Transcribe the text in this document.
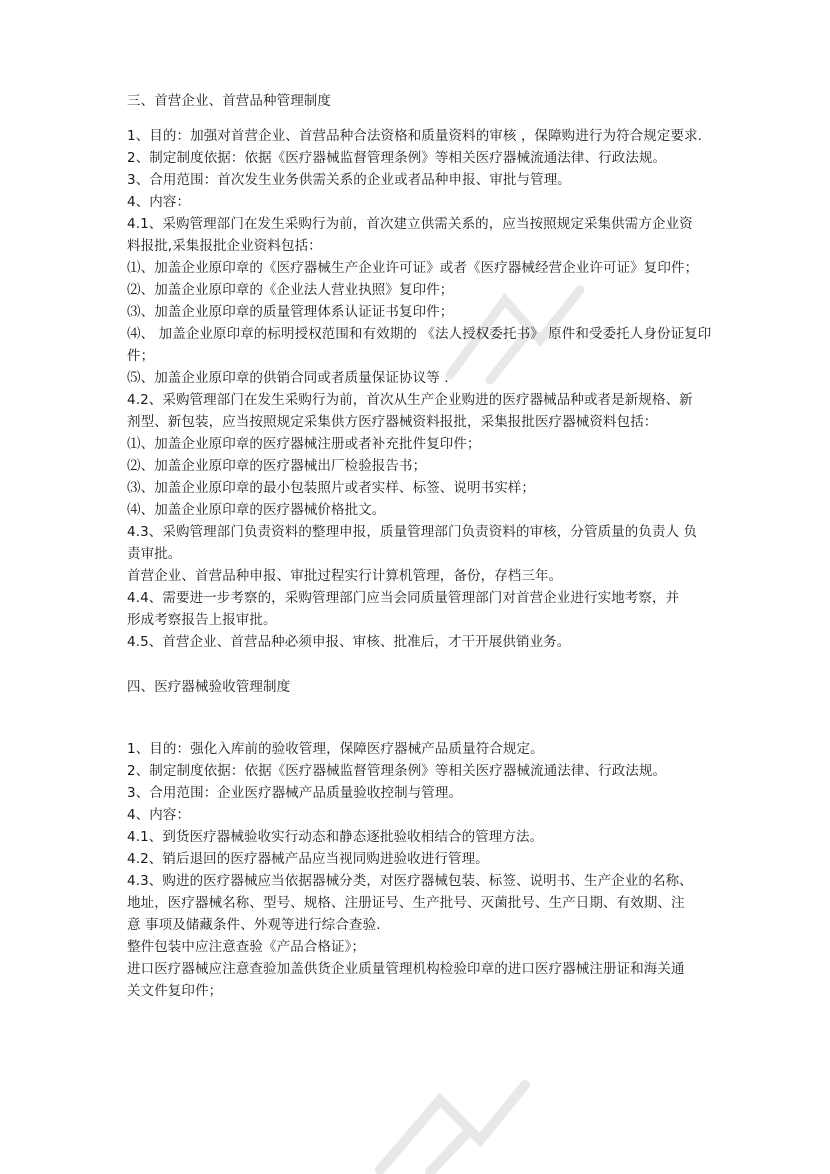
三、首营企业、首营品种管理制度
1、目的：加强对首营企业、首营品种合法资格和质量资料的审核 ，保障购进行为符合规定要求.
2、制定制度依据：依据《医疗器械监督管理条例》等相关医疗器械流通法律、行政法规。
3、合用范围：首次发生业务供需关系的企业或者品种申报、审批与管理。
4、内容：
4.1、采购管理部门在发生采购行为前，首次建立供需关系的，应当按照规定采集供需方企业资
料报批,采集报批企业资料包括：
⑴、加盖企业原印章的《医疗器械生产企业许可证》或者《医疗器械经营企业许可证》复印件；
⑵、加盖企业原印章的《企业法人营业执照》复印件；
⑶、加盖企业原印章的质量管理体系认证证书复印件；
⑷、 加盖企业原印章的标明授权范围和有效期的 《法人授权委托书》 原件和受委托人身份证复印
件；
⑸、加盖企业原印章的供销合同或者质量保证协议等 .
4.2、采购管理部门在发生采购行为前，首次从生产企业购进的医疗器械品种或者是新规格、新
剂型、新包装，应当按照规定采集供方医疗器械资料报批，采集报批医疗器械资料包括：
⑴、加盖企业原印章的医疗器械注册或者补充批件复印件；
⑵、加盖企业原印章的医疗器械出厂检验报告书；
⑶、加盖企业原印章的最小包装照片或者实样、标签、说明书实样；
⑷、加盖企业原印章的医疗器械价格批文。
4.3、采购管理部门负责资料的整理申报，质量管理部门负责资料的审核，分管质量的负责人 负
责审批。
首营企业、首营品种申报、审批过程实行计算机管理，备份，存档三年。
4.4、需要进一步考察的，采购管理部门应当会同质量管理部门对首营企业进行实地考察，并
形成考察报告上报审批。
4.5、首营企业、首营品种必须申报、审核、批准后，才干开展供销业务。
四、医疗器械验收管理制度
1、目的：强化入库前的验收管理，保障医疗器械产品质量符合规定。
2、制定制度依据：依据《医疗器械监督管理条例》等相关医疗器械流通法律、行政法规。
3、合用范围：企业医疗器械产品质量验收控制与管理。
4、内容：
4.1、到货医疗器械验收实行动态和静态逐批验收相结合的管理方法。
4.2、销后退回的医疗器械产品应当视同购进验收进行管理。
4.3、购进的医疗器械应当依据器械分类，对医疗器械包装、标签、说明书、生产企业的名称、
地址，医疗器械名称、型号、规格、注册证号、生产批号、灭菌批号、生产日期、有效期、注
意 事项及储藏条件、外观等进行综合查验.
整件包装中应注意查验《产品合格证》；
进口医疗器械应注意查验加盖供货企业质量管理机构检验印章的进口医疗器械注册证和海关通
关文件复印件；
